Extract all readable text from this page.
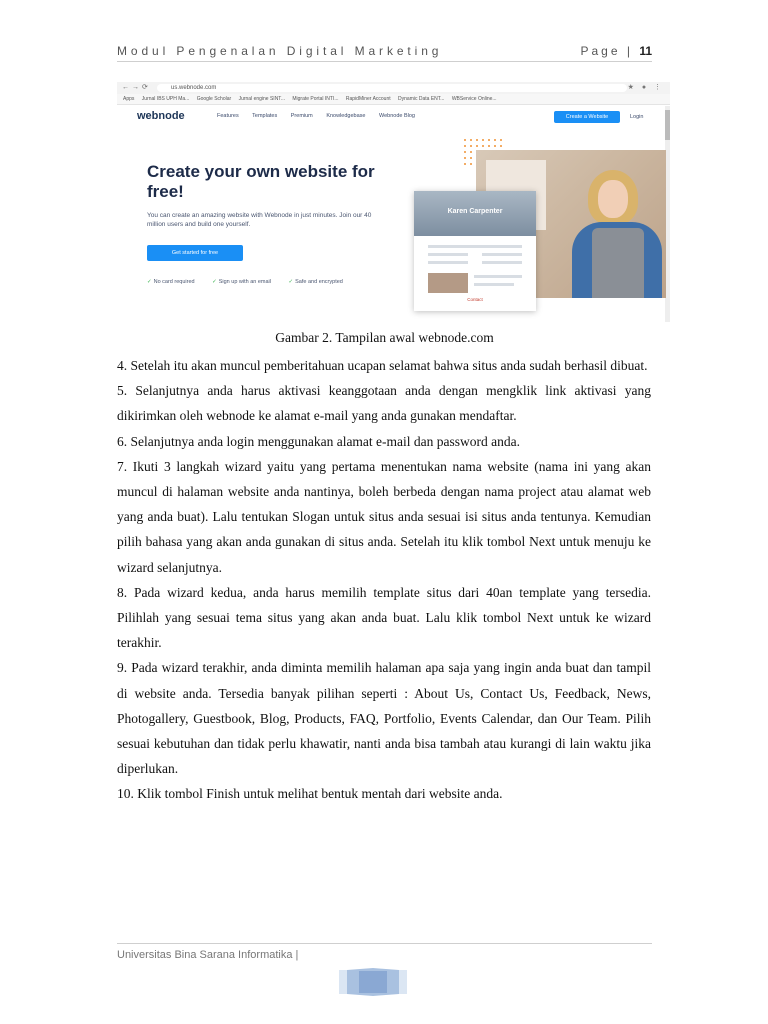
Modul Pengenalan Digital Marketing	Page | 11
←→⟳	us.webnode.com	★ ● ⋮
Apps Jurnal IBS UPH Ma... Google Scholar Jurnal engine SINT... Migrate Portal INTI... RapidMiner Account Dynamic Data ENT... WBService Online...
webnode	Features Templates Premium Knowledgebase Webnode Blog	Create a Website	Login
Create your own website for free!
You can create an amazing website with Webnode in just minutes. Join our 40 million users and build one yourself.
Get started for free
✓ No card required	✓ Sign up with an email	✓ Safe and encrypted
Karen Carpenter
Contact
Gambar 2. Tampilan awal webnode.com

4. Setelah itu akan muncul pemberitahuan ucapan selamat bahwa situs anda sudah berhasil dibuat.

5. Selanjutnya anda harus aktivasi keanggotaan anda dengan mengklik link aktivasi yang dikirimkan oleh webnode ke alamat e-mail yang anda gunakan mendaftar.

6. Selanjutnya anda login menggunakan alamat e-mail dan password anda.

7. Ikuti 3 langkah wizard yaitu yang pertama menentukan nama website (nama ini yang akan muncul di halaman website anda nantinya, boleh berbeda dengan nama project atau alamat web yang anda buat). Lalu tentukan Slogan untuk situs anda sesuai isi situs anda tentunya. Kemudian pilih bahasa yang akan anda gunakan di situs anda. Setelah itu klik tombol Next untuk menuju ke wizard selanjutnya.

8. Pada wizard kedua, anda harus memilih template situs dari 40an template yang tersedia. Pilihlah yang sesuai tema situs yang akan anda buat. Lalu klik tombol Next untuk ke wizard terakhir.

9. Pada wizard terakhir, anda diminta memilih halaman apa saja yang ingin anda buat dan tampil di website anda. Tersedia banyak pilihan seperti : About Us, Contact Us, Feedback, News, Photogallery, Guestbook, Blog, Products, FAQ, Portfolio, Events Calendar, dan Our Team. Pilih sesuai kebutuhan dan tidak perlu khawatir, nanti anda bisa tambah atau kurangi di lain waktu jika diperlukan.

10. Klik tombol Finish untuk melihat bentuk mentah dari website anda.

Universitas Bina Sarana Informatika |
